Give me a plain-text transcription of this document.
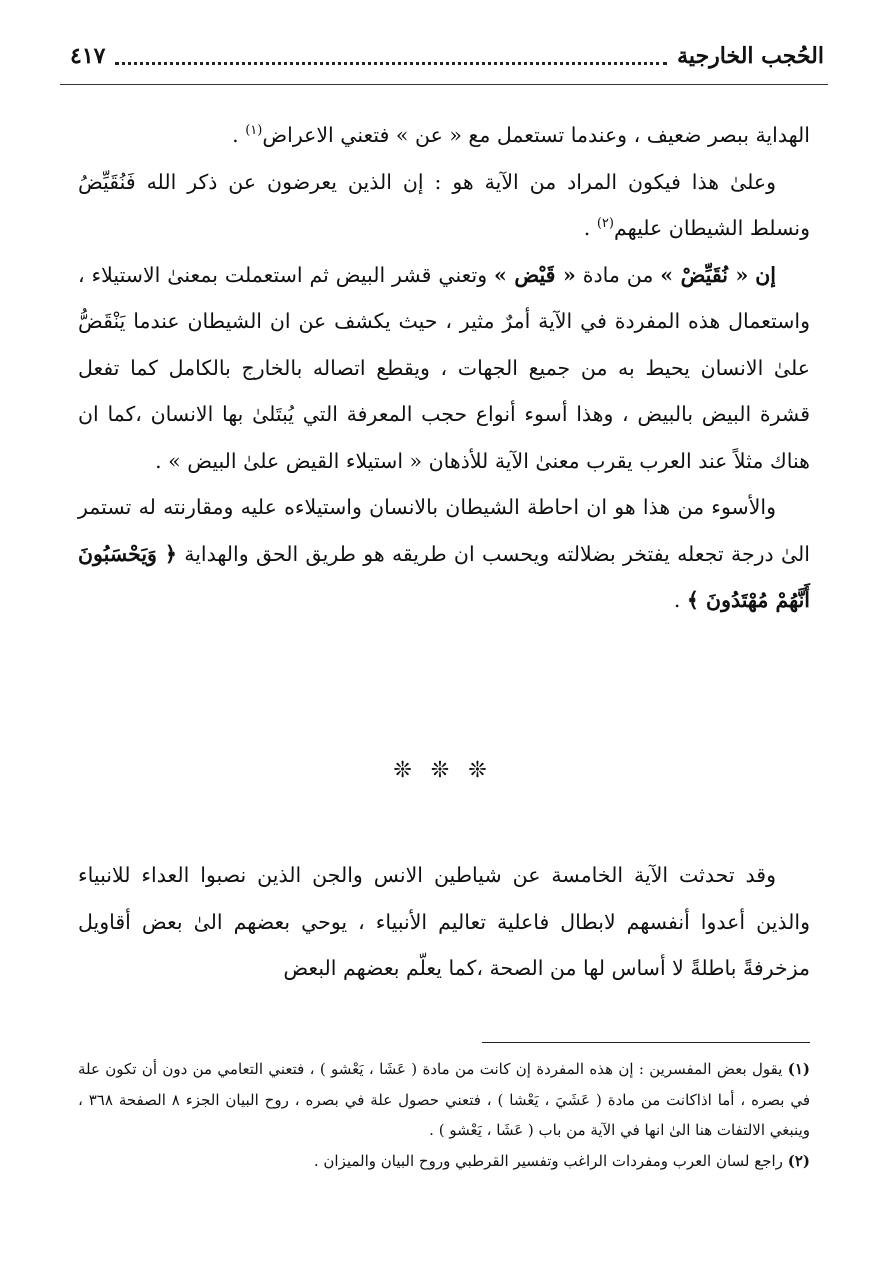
الحُجب الخارجية
٤١٧

الهداية ببصر ضعيف ، وعندما تستعمل مع « عن » فتعني الاعراض$^{(١)}$ .

وعلىٰ هذا فيكون المراد من الآية هو : إن الذين يعرضون عن ذكر الله فَنُقَيِّضُ ونسلط الشيطان عليهم$^{(٢)}$ .

إن « نُقَيِّضْ » من مادة « قَيْض » وتعني قشر البيض ثم استعملت بمعنىٰ الاستيلاء ، واستعمال هذه المفردة في الآية أمرٌ مثير ، حيث يكشف عن ان الشيطان عندما يَنْقَضُّ علىٰ الانسان يحيط به من جميع الجهات ، ويقطع اتصاله بالخارج بالكامل كما تفعل قشرة البيض بالبيض ، وهذا أسوء أنواع حجب المعرفة التي يُبتَلىٰ بها الانسان ،كما ان هناك مثلاً عند العرب يقرب معنىٰ الآية للأذهان « استيلاء القيض علىٰ البيض » .

والأسوء من هذا هو ان احاطة الشيطان بالانسان واستيلاءه عليه ومقارنته له تستمر الىٰ درجة تجعله يفتخر بضلالته ويحسب ان طريقه هو طريق الحق والهداية ﴿ وَيَحْسَبُونَ أَنَّهُمْ مُهْتَدُونَ ﴾ .

❊ ❊ ❊

وقد تحدثت الآية الخامسة عن شياطين الانس والجن الذين نصبوا العداء للانبياء والذين أعدوا أنفسهم لابطال فاعلية تعاليم الأنبياء ، يوحي بعضهم الىٰ بعض أقاويل مزخرفةً باطلةً لا أساس لها من الصحة ،كما يعلّم بعضهم البعض

(١) يقول بعض المفسرين : إن هذه المفردة إن كانت من مادة ( عَشَا ، يَعْشو ) ، فتعني التعامي من دون أن تكون علة في بصره ، أما اذاكانت من مادة ( عَشَيَ ، يَعْشا ) ، فتعني حصول علة في بصره ، روح البيان الجزء ٨ الصفحة ٣٦٨ ، وينبغي الالتفات هنا الىٰ انها في الآية من باب ( عَشَا ، يَعْشو ) .

(٢) راجع لسان العرب ومفردات الراغب وتفسير القرطبي وروح البيان والميزان .
